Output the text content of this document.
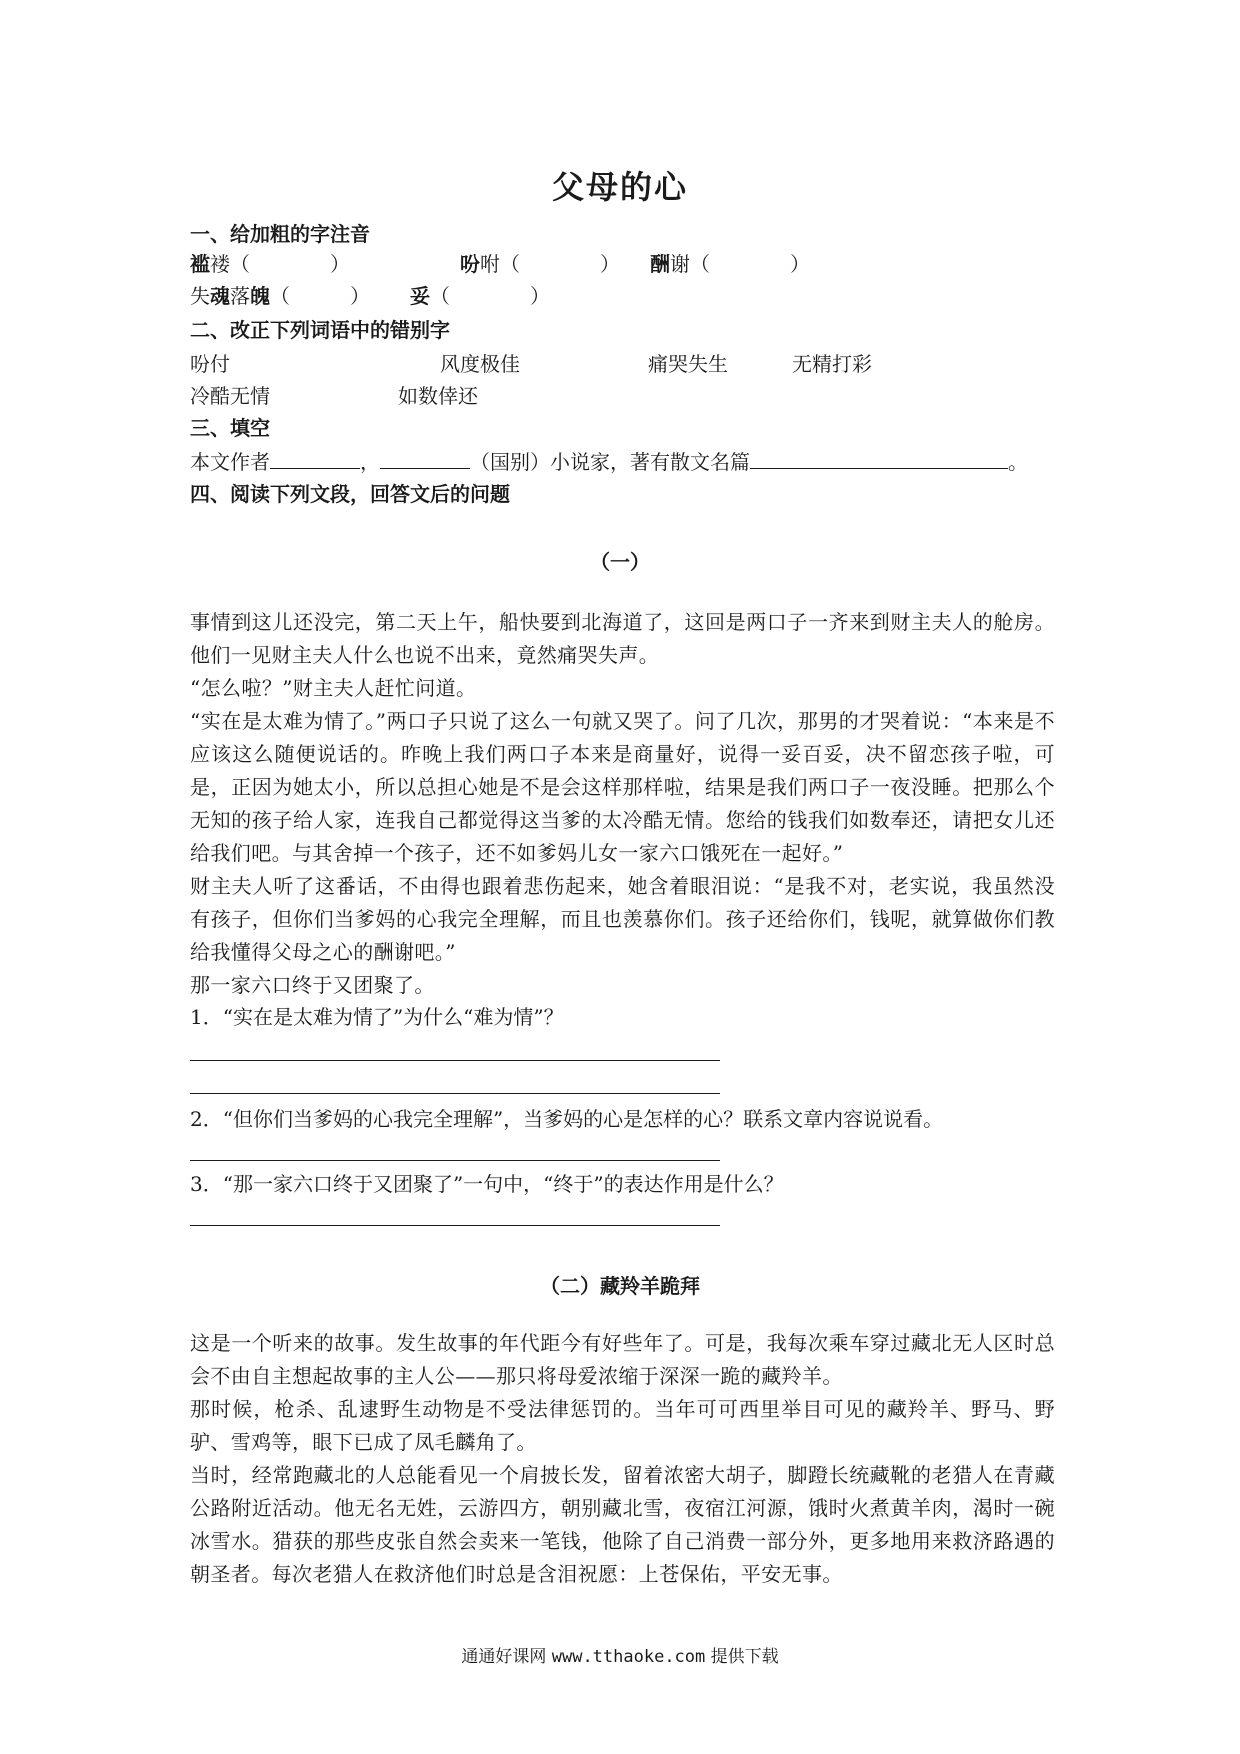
父母的心
一、给加粗的字注音
褴褛（　　　　）	吩咐（　　　　） 酬谢（　　　　）
失魂落魄（　　　） 妥（　　　　）
二、改正下列词语中的错别字
吩付	风度极佳	痛哭失生	无精打彩
冷酷无情	如数倖还
三、填空
本文作者	，	（国别）小说家，著有散文名篇	。
四、阅读下列文段，回答文后的问题
（一）

事情到这儿还没完，第二天上午，船快要到北海道了，这回是两口子一齐来到财主夫人的舱房。他们一见财主夫人什么也说不出来，竟然痛哭失声。

“怎么啦？”财主夫人赶忙问道。

“实在是太难为情了。”两口子只说了这么一句就又哭了。问了几次，那男的才哭着说：“本来是不应该这么随便说话的。昨晚上我们两口子本来是商量好，说得一妥百妥，决不留恋孩子啦，可是，正因为她太小，所以总担心她是不是会这样那样啦，结果是我们两口子一夜没睡。把那么个无知的孩子给人家，连我自己都觉得这当爹的太冷酷无情。您给的钱我们如数奉还，请把女儿还给我们吧。与其舍掉一个孩子，还不如爹妈儿女一家六口饿死在一起好。”

财主夫人听了这番话，不由得也跟着悲伤起来，她含着眼泪说：“是我不对，老实说，我虽然没有孩子，但你们当爹妈的心我完全理解，而且也羡慕你们。孩子还给你们，钱呢，就算做你们教给我懂得父母之心的酬谢吧。”

那一家六口终于又团聚了。

1．“实在是太难为情了”为什么“难为情”？
2．“但你们当爹妈的心我完全理解”，当爹妈的心是怎样的心？联系文章内容说说看。
3．“那一家六口终于又团聚了”一句中，“终于”的表达作用是什么？
（二）藏羚羊跪拜

这是一个听来的故事。发生故事的年代距今有好些年了。可是，我每次乘车穿过藏北无人区时总会不由自主想起故事的主人公——那只将母爱浓缩于深深一跪的藏羚羊。

那时候，枪杀、乱逮野生动物是不受法律惩罚的。当年可可西里举目可见的藏羚羊、野马、野驴、雪鸡等，眼下已成了凤毛麟角了。

当时，经常跑藏北的人总能看见一个肩披长发，留着浓密大胡子，脚蹬长统藏靴的老猎人在青藏公路附近活动。他无名无姓，云游四方，朝别藏北雪，夜宿江河源，饿时火煮黄羊肉，渴时一碗冰雪水。猎获的那些皮张自然会卖来一笔钱，他除了自己消费一部分外，更多地用来救济路遇的朝圣者。每次老猎人在救济他们时总是含泪祝愿：上苍保佑，平安无事。

通通好课网 www.tthaoke.com 提供下载
